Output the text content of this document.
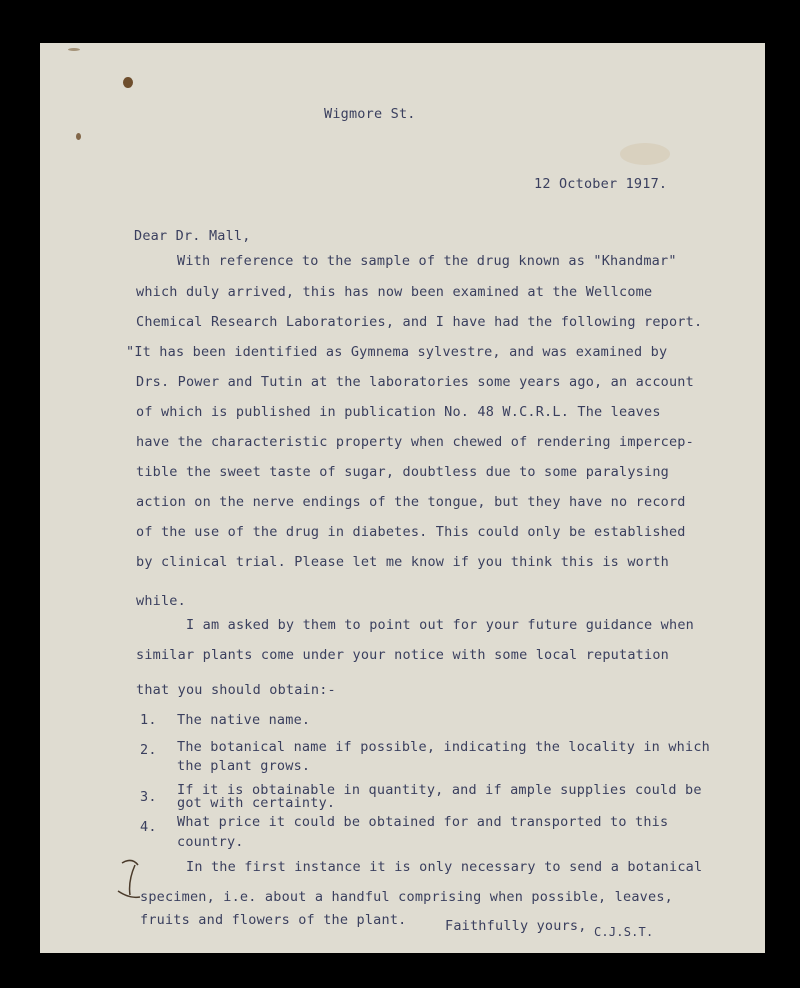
Wigmore St.

12 October 1917.

Dear Dr. Mall,

With reference to the sample of the drug known as "Khandmar"

which duly arrived, this has now been examined at the Wellcome

Chemical Research Laboratories, and I have had the following report.

"It has been identified as Gymnema sylvestre, and was examined by

Drs. Power and Tutin at the laboratories some years ago, an account

of which is published in publication No. 48 W.C.R.L. The leaves

have the characteristic property when chewed of rendering impercep-

tible the sweet taste of sugar, doubtless due to some paralysing

action on the nerve endings of the tongue, but they have no record

of the use of the drug in diabetes. This could only be established

by clinical trial. Please let me know if you think this is worth

while.

I am asked by them to point out for your future guidance when

similar plants come under your notice with some local reputation

that you should obtain:-

1. The native name.

2. The botanical name if possible, indicating the locality in which

the plant grows.

3. If it is obtainable in quantity, and if ample supplies could be

got with certainty.

4. What price it could be obtained for and transported to this

country.

In the first instance it is only necessary to send a botanical

specimen, i.e. about a handful comprising when possible, leaves,

fruits and flowers of the plant.	Faithfully yours, C.J.S.T.
